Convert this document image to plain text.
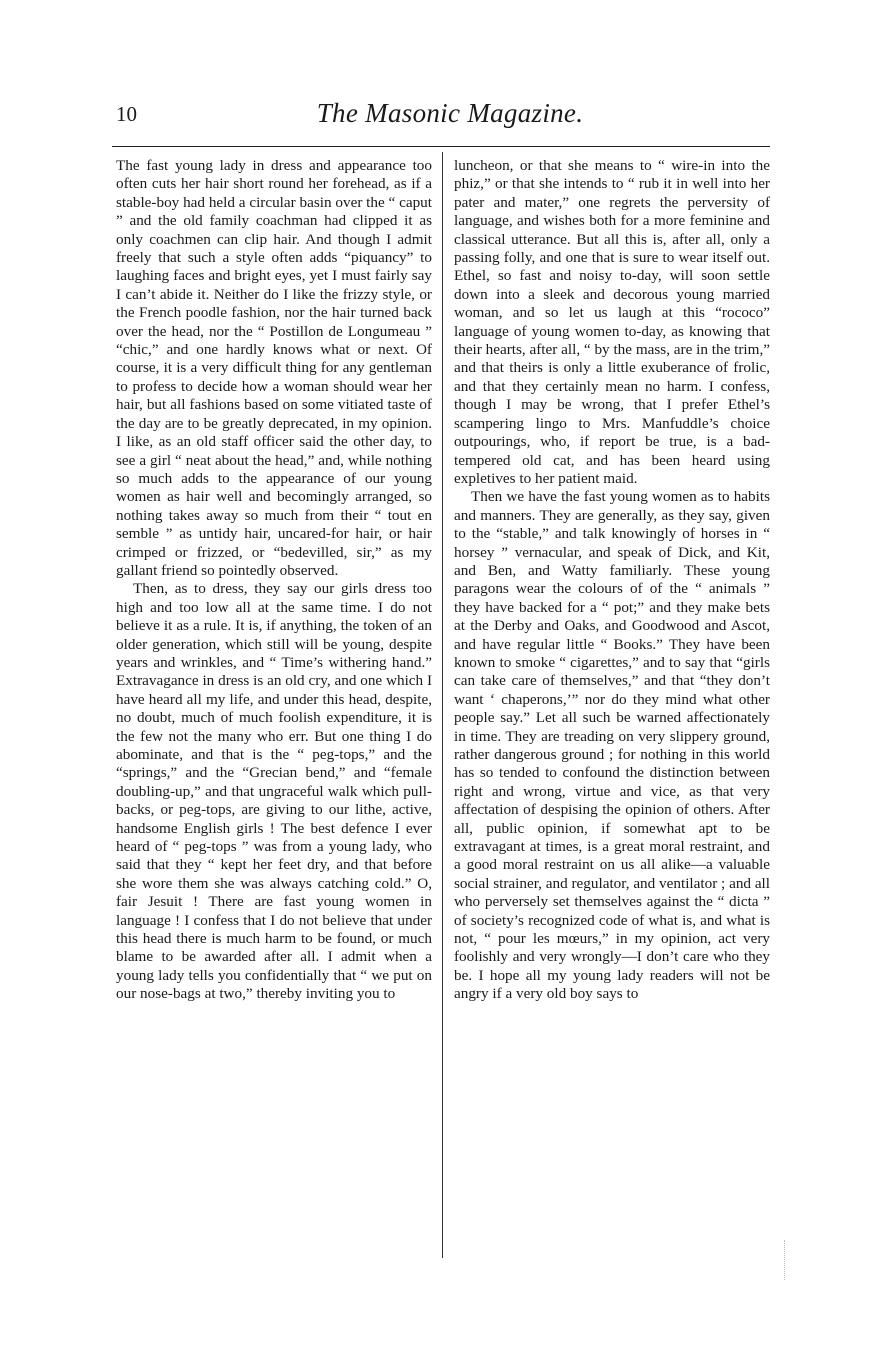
10	The Masonic Magazine.

The fast young lady in dress and appearance too often cuts her hair short round her forehead, as if a stable-boy had held a circular basin over the “ caput ” and the old family coachman had clipped it as only coachmen can clip hair. And though I admit freely that such a style often adds “piquancy” to laughing faces and bright eyes, yet I must fairly say I can’t abide it. Neither do I like the frizzy style, or the French poodle fashion, nor the hair turned back over the head, nor the “ Postillon de Longumeau ” “chic,” and one hardly knows what or next. Of course, it is a very difficult thing for any gentleman to profess to decide how a woman should wear her hair, but all fashions based on some vitiated taste of the day are to be greatly deprecated, in my opinion. I like, as an old staff officer said the other day, to see a girl “ neat about the head,” and, while nothing so much adds to the appearance of our young women as hair well and becomingly arranged, so nothing takes away so much from their “ tout en semble ” as untidy hair, uncared-for hair, or hair crimped or frizzed, or “bedevilled, sir,” as my gallant friend so pointedly observed.

Then, as to dress, they say our girls dress too high and too low all at the same time. I do not believe it as a rule. It is, if anything, the token of an older generation, which still will be young, despite years and wrinkles, and “ Time’s withering hand.” Extravagance in dress is an old cry, and one which I have heard all my life, and under this head, despite, no doubt, much of much foolish expenditure, it is the few not the many who err. But one thing I do abominate, and that is the “ peg-tops,” and the “springs,” and the “Grecian bend,” and “female doubling-up,” and that ungraceful walk which pull-backs, or peg-tops, are giving to our lithe, active, handsome English girls ! The best defence I ever heard of “ peg-tops ” was from a young lady, who said that they “ kept her feet dry, and that before she wore them she was always catching cold.” O, fair Jesuit ! There are fast young women in language ! I confess that I do not believe that under this head there is much harm to be found, or much blame to be awarded after all. I admit when a young lady tells you confidentially that “ we put on our nose-bags at two,” thereby inviting you to

luncheon, or that she means to “ wire-in into the phiz,” or that she intends to “ rub it in well into her pater and mater,” one regrets the perversity of language, and wishes both for a more feminine and classical utterance. But all this is, after all, only a passing folly, and one that is sure to wear itself out. Ethel, so fast and noisy to-day, will soon settle down into a sleek and decorous young married woman, and so let us laugh at this “rococo” language of young women to-day, as knowing that their hearts, after all, “ by the mass, are in the trim,” and that theirs is only a little exuberance of frolic, and that they certainly mean no harm. I confess, though I may be wrong, that I prefer Ethel’s scampering lingo to Mrs. Manfuddle’s choice outpourings, who, if report be true, is a bad-tempered old cat, and has been heard using expletives to her patient maid.

Then we have the fast young women as to habits and manners. They are generally, as they say, given to the “stable,” and talk knowingly of horses in “ horsey ” vernacular, and speak of Dick, and Kit, and Ben, and Watty familiarly. These young paragons wear the colours of of the “ animals ” they have backed for a “ pot;” and they make bets at the Derby and Oaks, and Goodwood and Ascot, and have regular little “ Books.” They have been known to smoke “ cigarettes,” and to say that “girls can take care of themselves,” and that “they don’t want ‘ chaperons,’” nor do they mind what other people say.” Let all such be warned affectionately in time. They are treading on very slippery ground, rather dangerous ground ; for nothing in this world has so tended to confound the distinction between right and wrong, virtue and vice, as that very affectation of despising the opinion of others. After all, public opinion, if somewhat apt to be extravagant at times, is a great moral restraint, and a good moral restraint on us all alike—a valuable social strainer, and regulator, and ventilator ; and all who perversely set themselves against the “ dicta ” of society’s recognized code of what is, and what is not, “ pour les mœurs,” in my opinion, act very foolishly and very wrongly—I don’t care who they be. I hope all my young lady readers will not be angry if a very old boy says to
